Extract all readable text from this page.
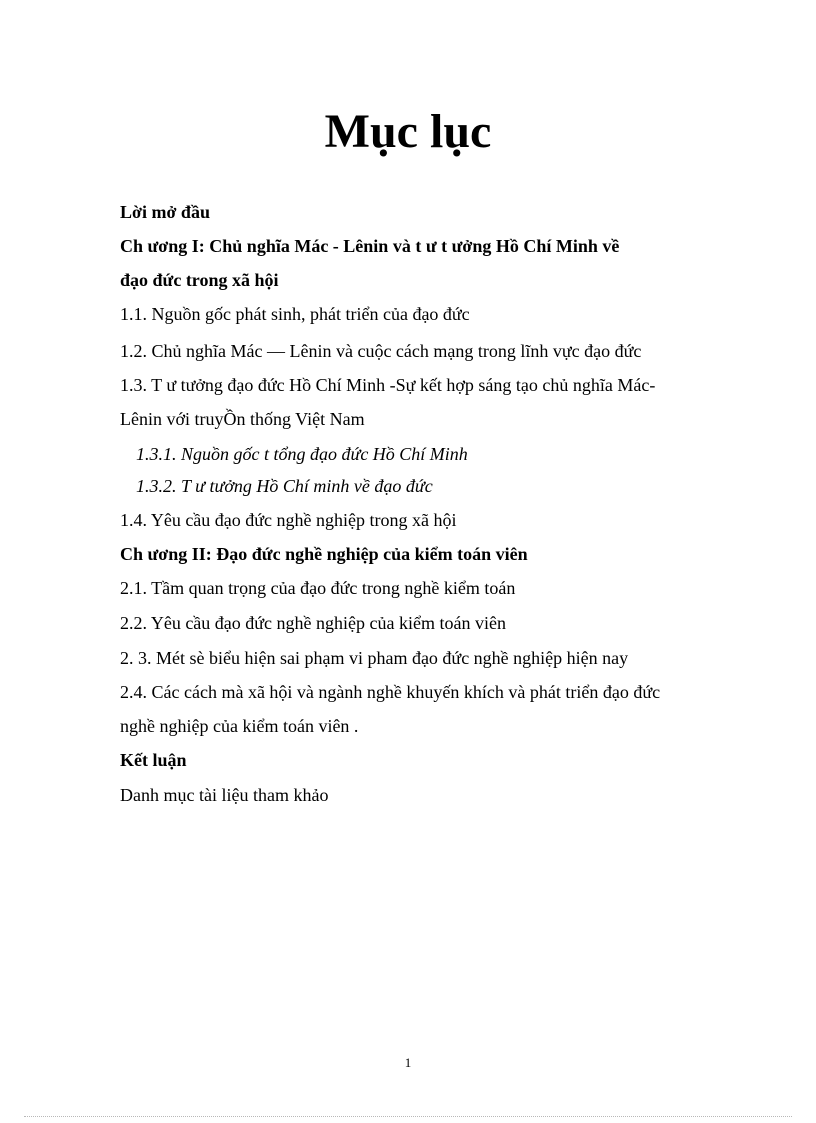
Mục lục
Lời mở đầu
Ch ương I: Chủ nghĩa Mác - Lênin và t ư t ưởng Hồ Chí Minh về
đạo đức trong xã hội
1.1. Nguồn gốc phát sinh, phát triển của đạo đức
1.2. Chủ nghĩa Mác — Lênin và cuộc cách mạng trong lĩnh vực đạo đức
1.3. T ư tưởng đạo đức Hồ Chí Minh -Sự kết hợp sáng tạo chủ nghĩa Mác-
Lênin với truyỒn thống Việt Nam
1.3.1. Nguồn gốc t tổng đạo đức Hồ Chí Minh
1.3.2. T ư tưởng Hồ Chí minh về đạo đức
1.4. Yêu cầu đạo đức nghề nghiệp trong xã hội
Ch ương II: Đạo đức nghề nghiệp của kiểm toán viên
2.1. Tầm quan trọng của đạo đức trong nghề kiểm toán
2.2. Yêu cầu đạo đức nghề nghiệp của kiểm toán viên
2. 3. Mét sè biểu hiện sai phạm vi pham đạo đức nghề nghiệp hiện nay
2.4. Các cách mà xã hội và ngành nghề khuyến khích và phát triển đạo đức
nghề nghiệp của kiểm toán viên .
Kết luận
Danh mục tài liệu tham khảo
1
